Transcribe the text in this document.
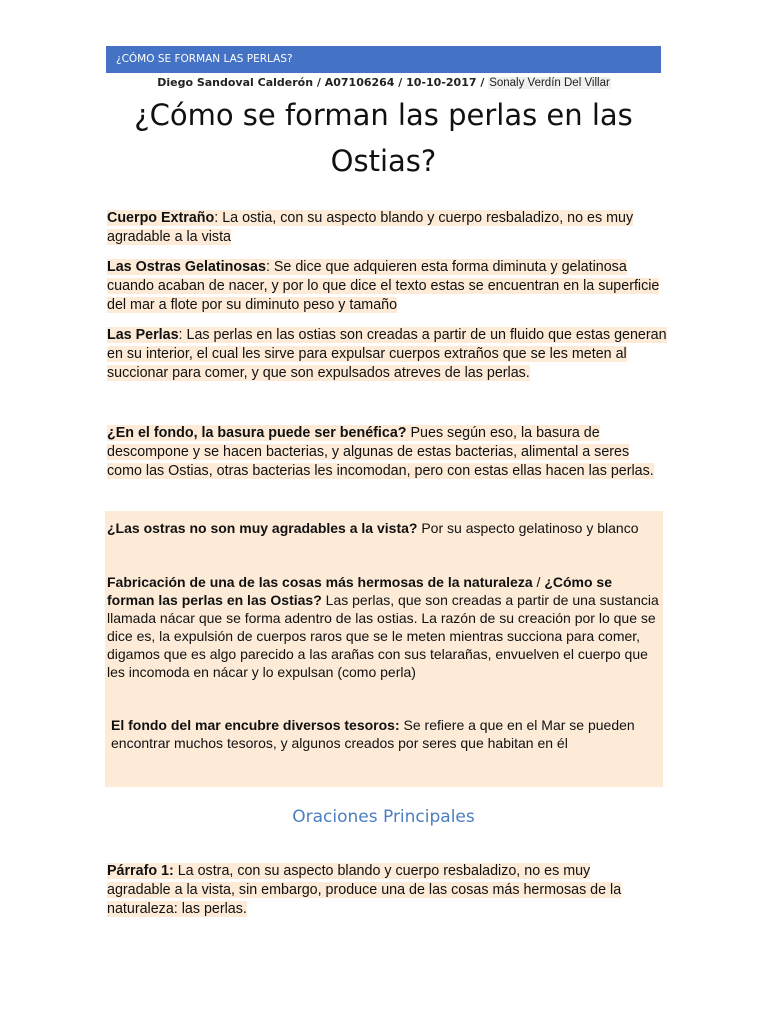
¿CÓMO SE FORMAN LAS PERLAS?
Diego Sandoval Calderón / A07106264 / 10-10-2017 / Sonaly Verdín Del Villar
¿Cómo se forman las perlas en las Ostias?

Cuerpo Extraño: La ostia, con su aspecto blando y cuerpo resbaladizo, no es muy agradable a la vista

Las Ostras Gelatinosas: Se dice que adquieren esta forma diminuta y gelatinosa cuando acaban de nacer, y por lo que dice el texto estas se encuentran en la superficie del mar a flote por su diminuto peso y tamaño

Las Perlas: Las perlas en las ostias son creadas a partir de un fluido que estas generan en su interior, el cual les sirve para expulsar cuerpos extraños que se les meten al succionar para comer, y que son expulsados atreves de las perlas.

¿En el fondo, la basura puede ser benéfica? Pues según eso, la basura de descompone y se hacen bacterias, y algunas de estas bacterias, alimental a seres como las Ostias, otras bacterias les incomodan, pero con estas ellas hacen las perlas.

¿Las ostras no son muy agradables a la vista? Por su aspecto gelatinoso y blanco

Fabricación de una de las cosas más hermosas de la naturaleza / ¿Cómo se forman las perlas en las Ostias? Las perlas, que son creadas a partir de una sustancia llamada nácar que se forma adentro de las ostias. La razón de su creación por lo que se dice es, la expulsión de cuerpos raros que se le meten mientras succiona para comer, digamos que es algo parecido a las arañas con sus telarañas, envuelven el cuerpo que les incomoda en nácar y lo expulsan (como perla)

El fondo del mar encubre diversos tesoros: Se refiere a que en el Mar se pueden encontrar muchos tesoros, y algunos creados por seres que habitan en él

Oraciones Principales

Párrafo 1: La ostra, con su aspecto blando y cuerpo resbaladizo, no es muy agradable a la vista, sin embargo, produce una de las cosas más hermosas de la naturaleza: las perlas.
